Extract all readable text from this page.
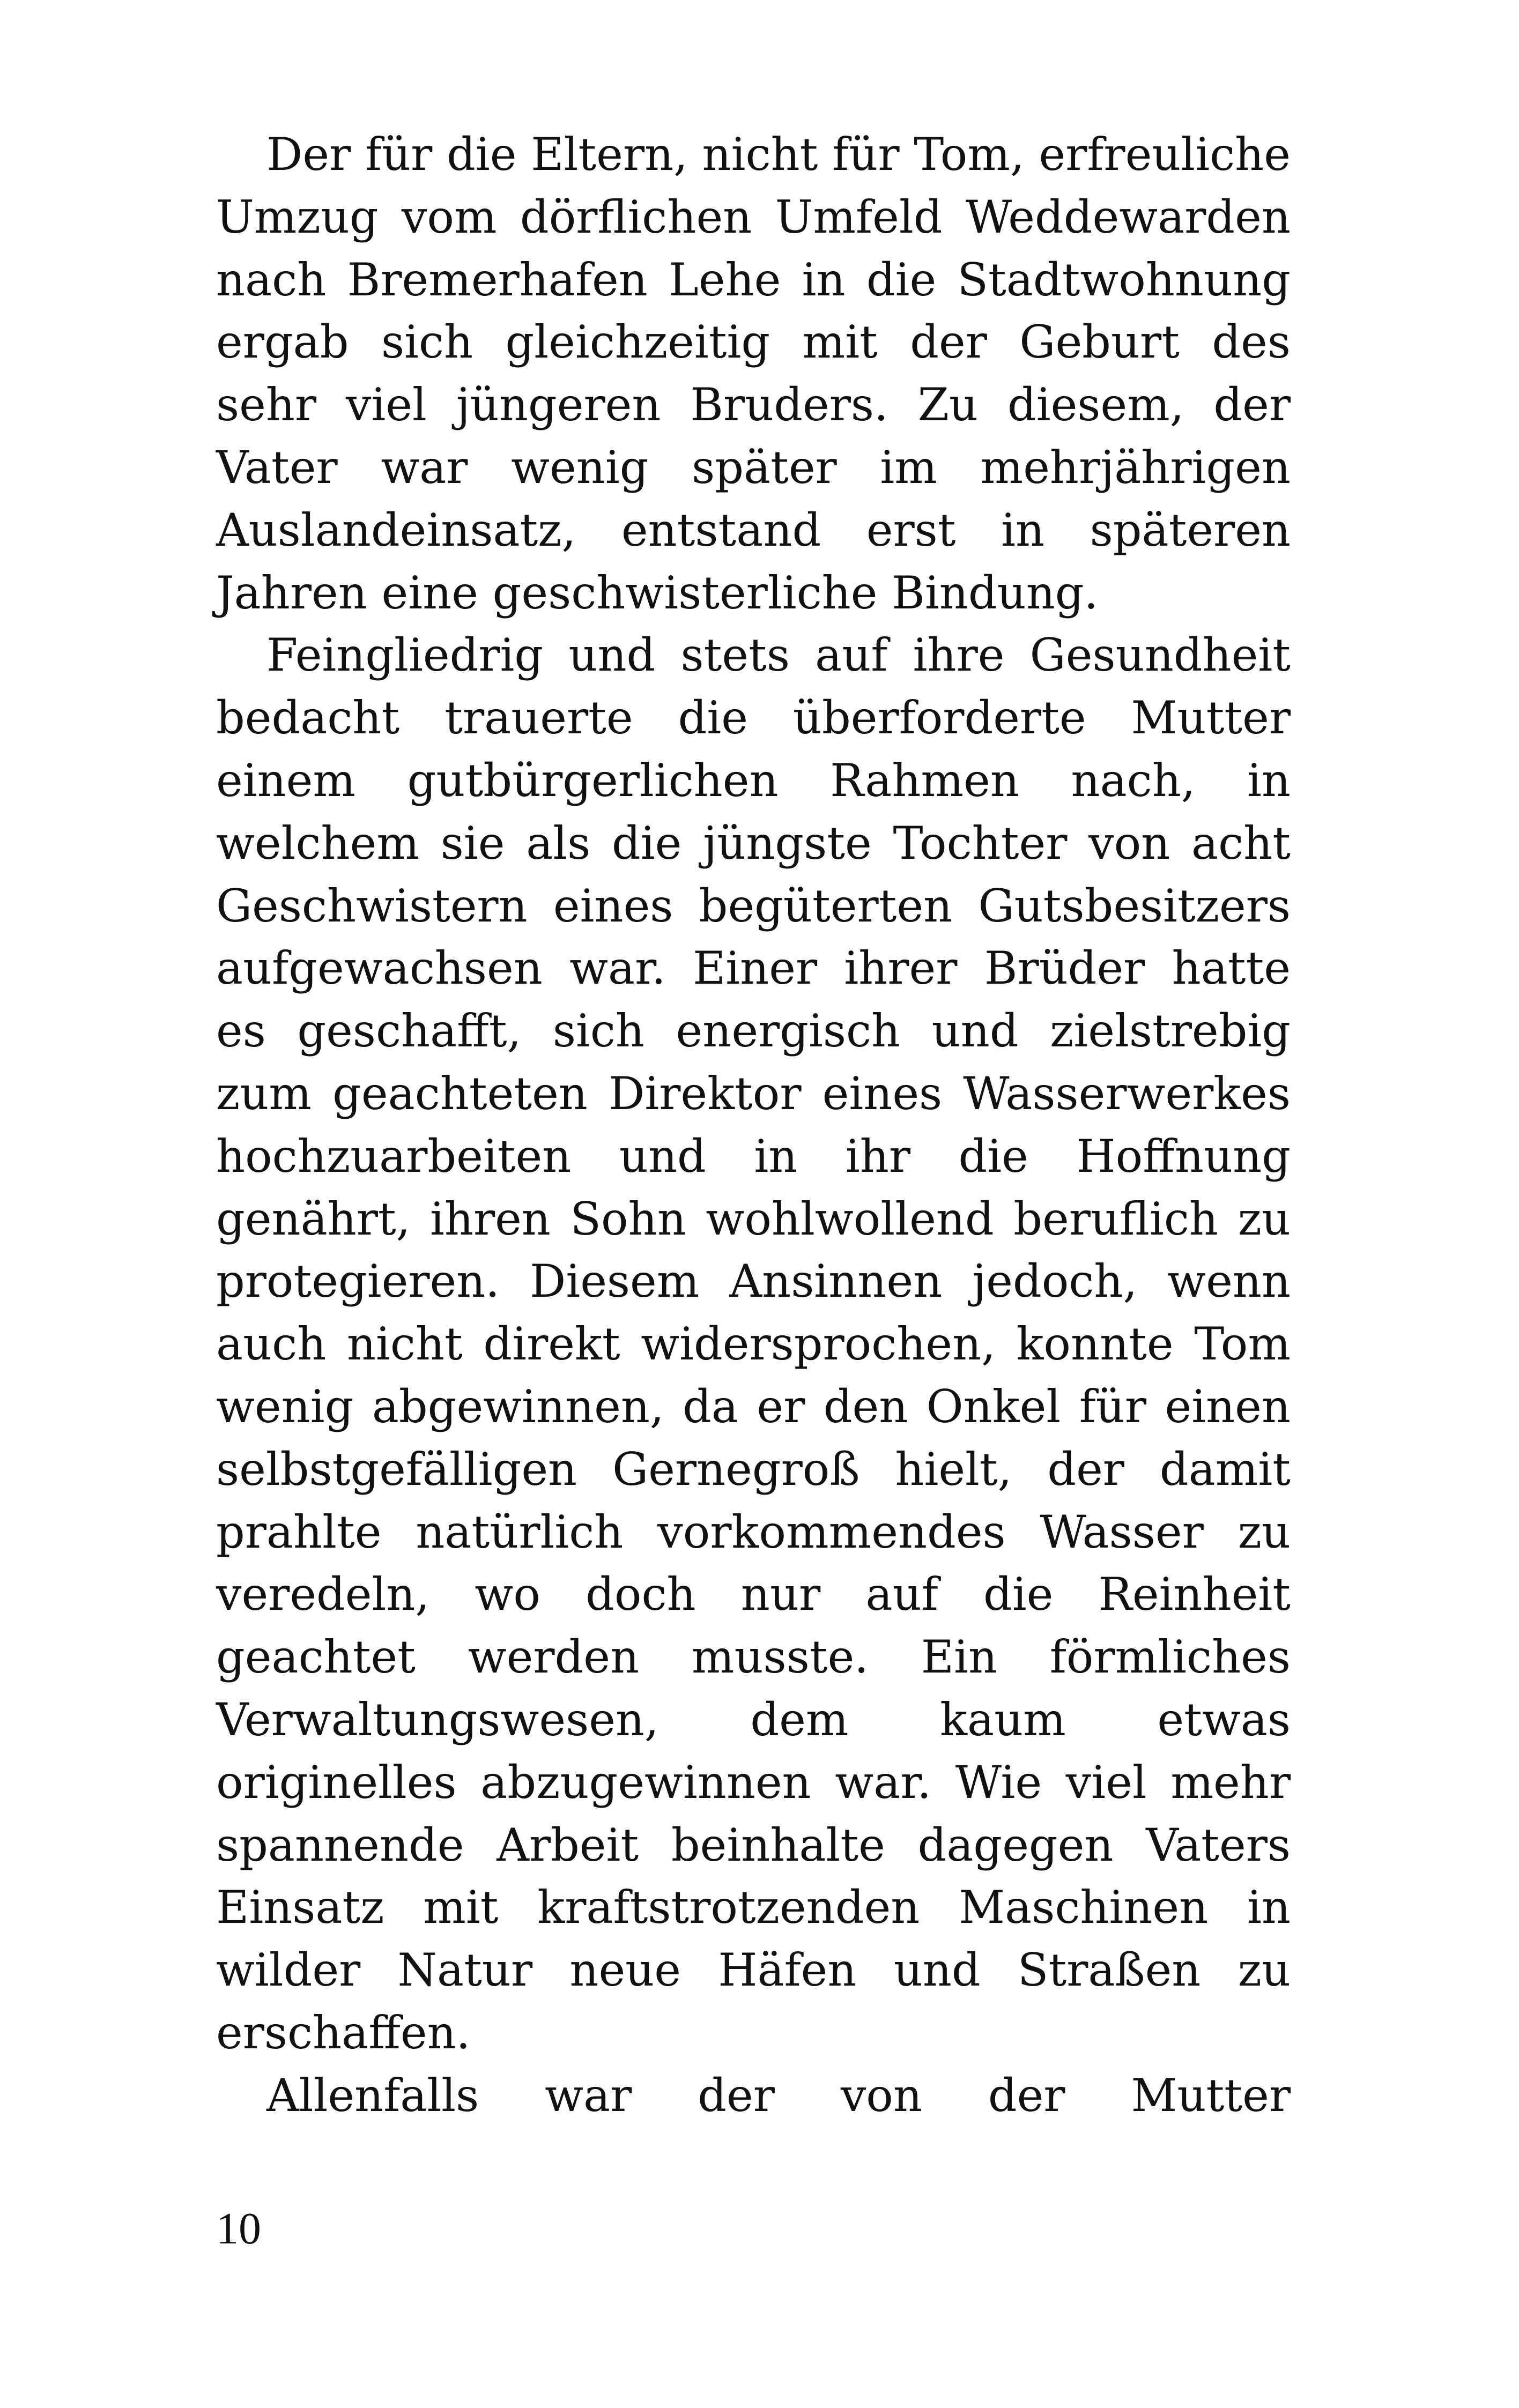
Der für die Eltern, nicht für Tom, erfreuliche Umzug vom dörflichen Umfeld Weddewarden nach Bremerhafen Lehe in die Stadtwohnung ergab sich gleichzeitig mit der Geburt des sehr viel jüngeren Bruders. Zu diesem, der Vater war wenig später im mehrjährigen Auslandeinsatz, entstand erst in späteren Jahren eine geschwisterliche Bindung.

Feingliedrig und stets auf ihre Gesundheit bedacht trauerte die überforderte Mutter einem gutbürgerlichen Rahmen nach, in welchem sie als die jüngste Tochter von acht Geschwistern eines begüterten Gutsbesitzers aufgewachsen war. Einer ihrer Brüder hatte es geschafft, sich energisch und zielstrebig zum geachteten Direktor eines Wasserwerkes hochzuarbeiten und in ihr die Hoffnung genährt, ihren Sohn wohlwollend beruflich zu protegieren. Diesem Ansinnen jedoch, wenn auch nicht direkt widersprochen, konnte Tom wenig abgewinnen, da er den Onkel für einen selbstgefälligen Gernegroß hielt, der damit prahlte natürlich vorkommendes Wasser zu veredeln, wo doch nur auf die Reinheit geachtet werden musste. Ein förmliches Verwaltungswesen, dem kaum etwas originelles abzugewinnen war. Wie viel mehr spannende Arbeit beinhalte dagegen Vaters Einsatz mit kraftstrotzenden Maschinen in wilder Natur neue Häfen und Straßen zu erschaffen.

Allenfalls war der von der Mutter

10
